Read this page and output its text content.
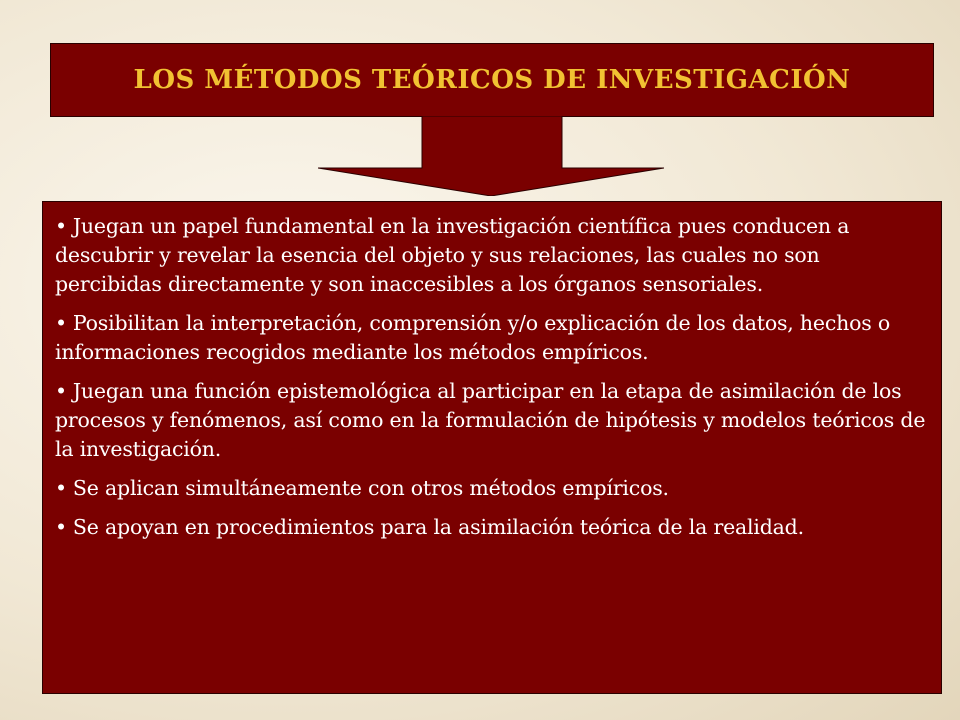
LOS MÉTODOS TEÓRICOS DE INVESTIGACIÓN
• Juegan un papel fundamental en la investigación científica pues conducen a descubrir y revelar la esencia del objeto y sus relaciones, las cuales no son percibidas directamente y son inaccesibles a los órganos sensoriales.
• Posibilitan la interpretación, comprensión y/o explicación de los datos, hechos o informaciones recogidos mediante los métodos empíricos.
• Juegan una función epistemológica al participar en la etapa de asimilación de los procesos y fenómenos, así como en la formulación de hipótesis y modelos teóricos de la investigación.
• Se aplican simultáneamente con otros métodos empíricos.
• Se apoyan en procedimientos para la asimilación teórica de la realidad.
